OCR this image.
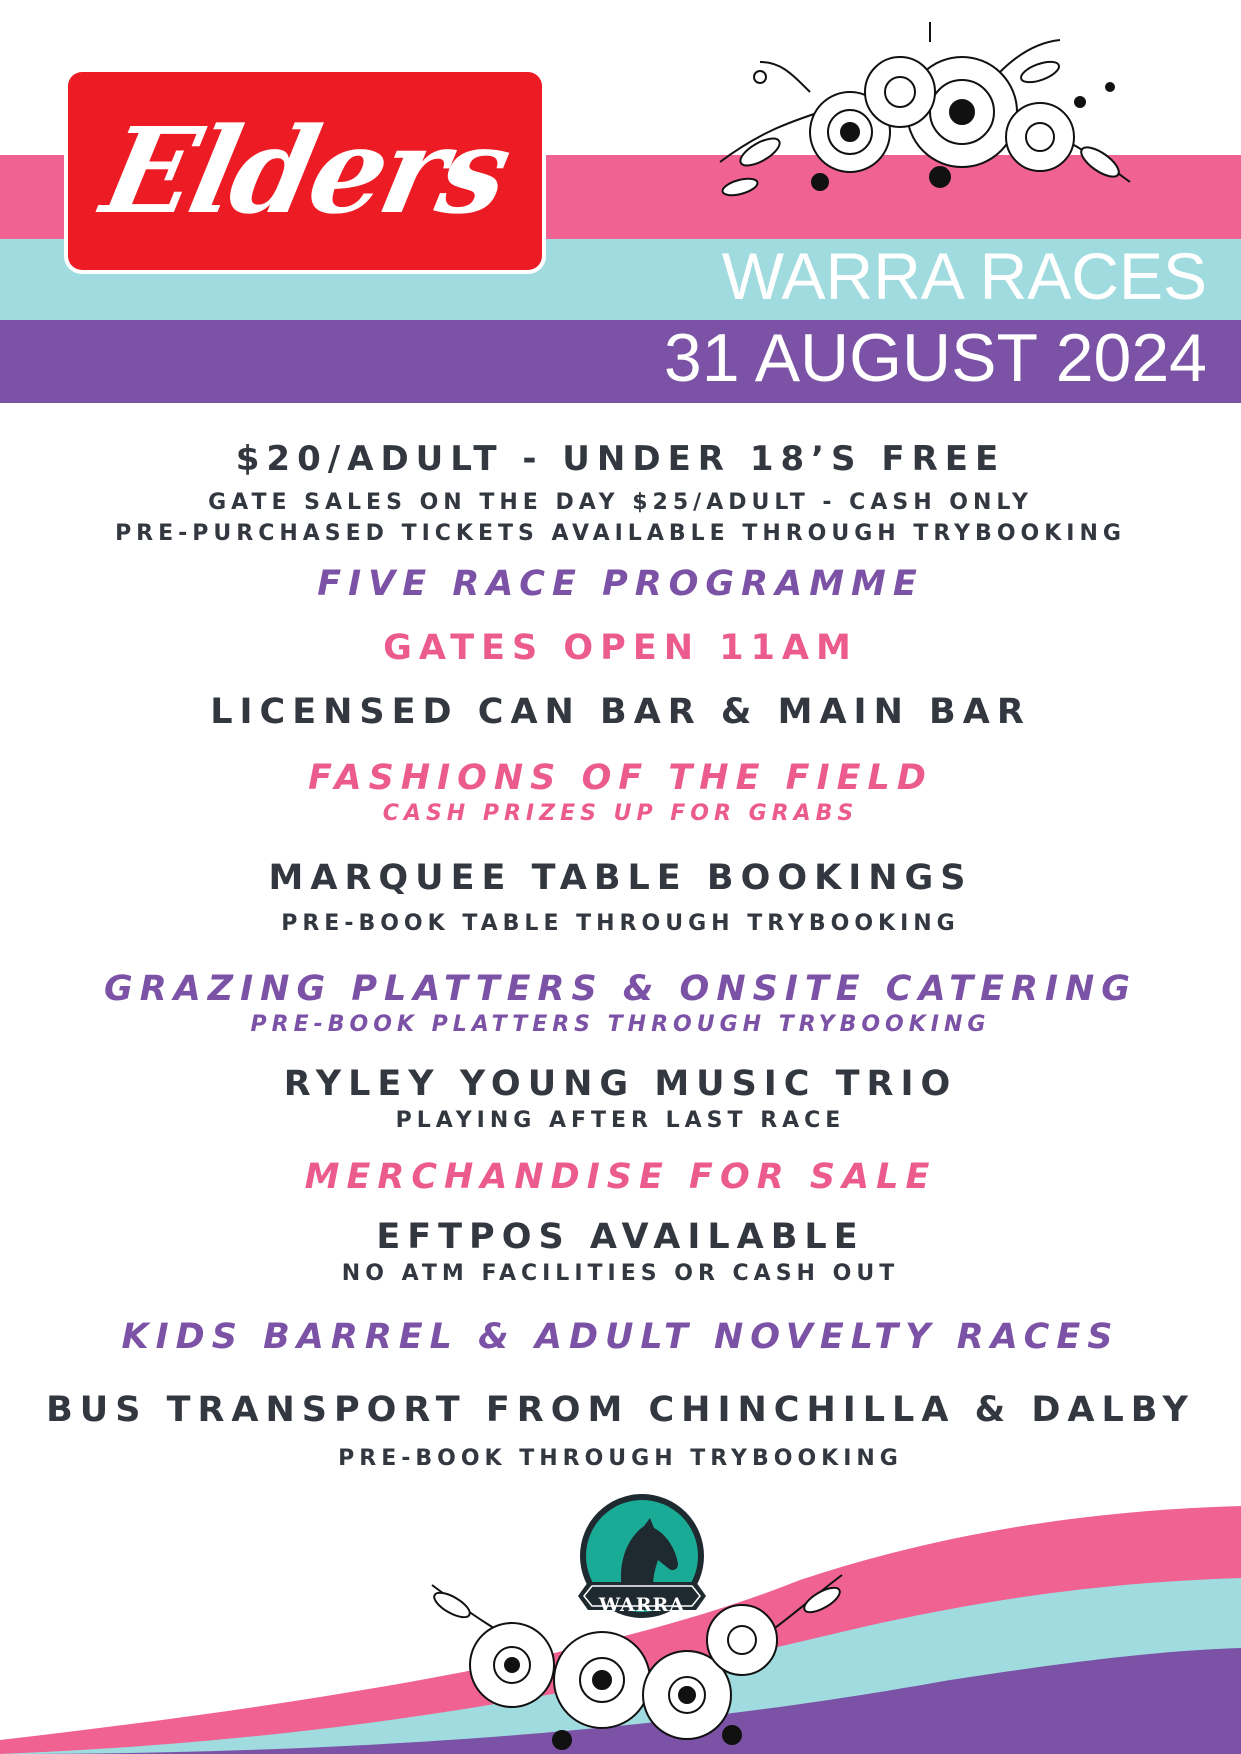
Elders
WARRA RACES
31 AUGUST 2024
$20/ADULT - UNDER 18’S FREE
GATE SALES ON THE DAY $25/ADULT - CASH ONLY
PRE-PURCHASED TICKETS AVAILABLE THROUGH TRYBOOKING
FIVE RACE PROGRAMME
GATES OPEN 11AM
LICENSED CAN BAR & MAIN BAR
FASHIONS OF THE FIELD
CASH PRIZES UP FOR GRABS
MARQUEE TABLE BOOKINGS
PRE-BOOK TABLE THROUGH TRYBOOKING
GRAZING PLATTERS & ONSITE CATERING
PRE-BOOK PLATTERS THROUGH TRYBOOKING
RYLEY YOUNG MUSIC TRIO
PLAYING AFTER LAST RACE
MERCHANDISE FOR SALE
EFTPOS AVAILABLE
NO ATM FACILITIES OR CASH OUT
KIDS BARREL & ADULT NOVELTY RACES
BUS TRANSPORT FROM CHINCHILLA & DALBY
PRE-BOOK THROUGH TRYBOOKING
WARRA
